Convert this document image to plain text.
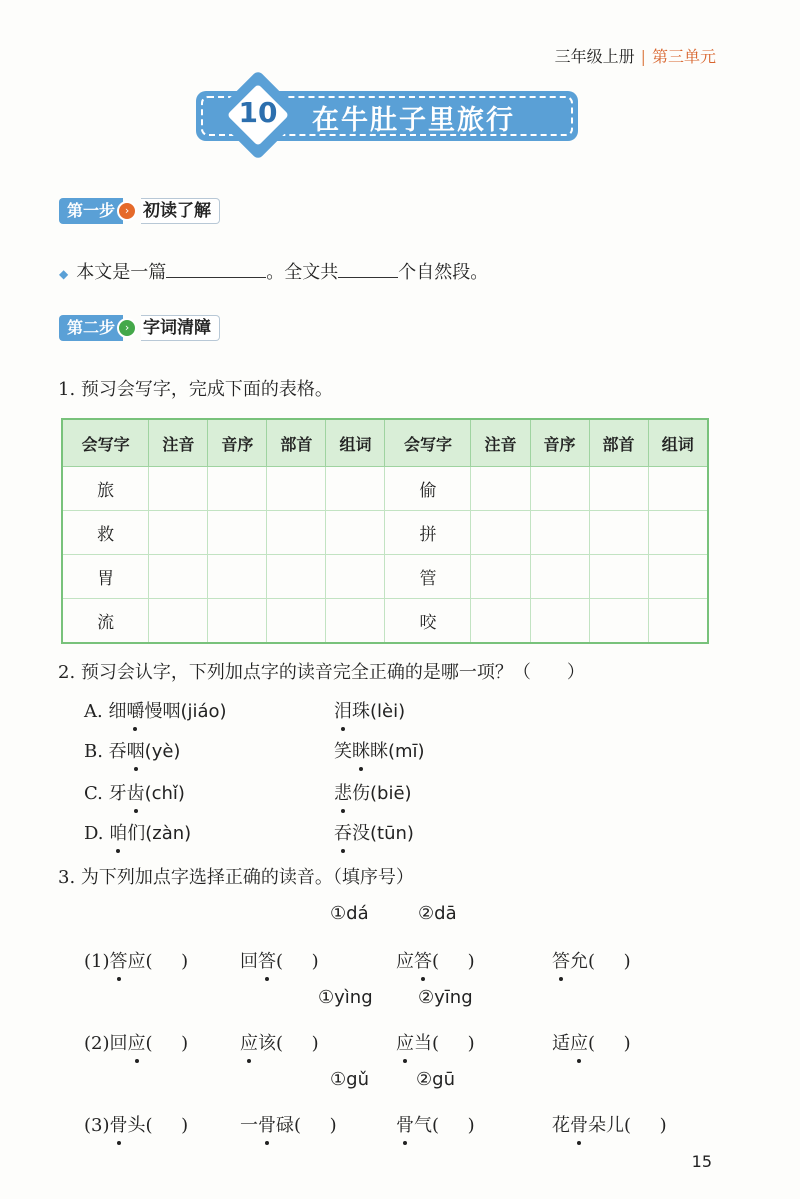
三年级上册 | 第三单元
10	在牛肚子里旅行
第一步 › 初读了解
◆ 本文是一篇	。全文共	个自然段。
第二步 › 字词清障
1. 预习会写字，完成下面的表格。
会写字	注音	音序	部首	组词	会写字	注音	音序	部首	组词
旅					偷				
救					拼				
胃					管				
流					咬				
2. 预习会认字，下列加点字的读音完全正确的是哪一项？（　　）
A. 细嚼慢咽(jiáo)	泪珠(lèi)
B. 吞咽(yè)	笑眯眯(mī)
C. 牙齿(chǐ)	悲伤(biē)
D. 咱们(zàn)	吞没(tūn)
3. 为下列加点字选择正确的读音。（填序号）
①dá	②dā
(1)答应(     )	回答(     )	应答(     )	答允(     )
①yìng	②yīng
(2)回应(     )	应该(     )	应当(     )	适应(     )
①gǔ	②gū
(3)骨头(     )	一骨碌(     )	骨气(     )	花骨朵儿(     )
15
